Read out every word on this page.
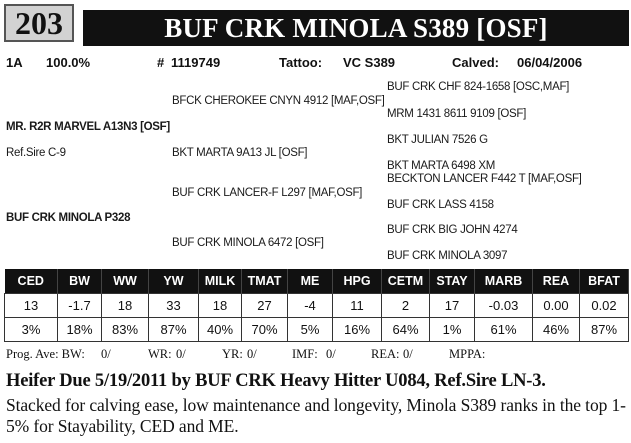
203	BUF CRK MINOLA S389 [OSF]
1A 100.0%	# 1119749	Tattoo: VC S389	Calved: 06/04/2006
BUF CRK CHF 824-1658 [OSC,MAF]
BFCK CHEROKEE CNYN 4912 [MAF,OSF]
MRM 1431 8611 9109 [OSF]
MR. R2R MARVEL A13N3 [OSF]
BKT JULIAN 7526 G
Ref.Sire C-9	BKT MARTA 9A13 JL [OSF]
BKT MARTA 6498 XM
BECKTON LANCER F442 T [MAF,OSF]
BUF CRK LANCER-F L297 [MAF,OSF]
BUF CRK LASS 4158
BUF CRK MINOLA P328
BUF CRK BIG JOHN 4274
BUF CRK MINOLA 6472 [OSF]
BUF CRK MINOLA 3097
CED	BW	WW	YW	MILK	TMAT	ME	HPG	CETM	STAY	MARB	REA	BFAT
13	-1.7	18	33	18	27	-4	11	2	17	-0.03	0.00	0.02
3%	18%	83%	87%	40%	70%	5%	16%	64%	1%	61%	46%	87%
Prog. Ave: BW: 0/	WR: 0/	YR: 0/	IMF: 0/	REA: 0/	MPPA:
Heifer Due 5/19/2011 by BUF CRK Heavy Hitter U084, Ref.Sire LN-3.
Stacked for calving ease, low maintenance and longevity, Minola S389 ranks in the top 1-5% for Stayability, CED and ME.
